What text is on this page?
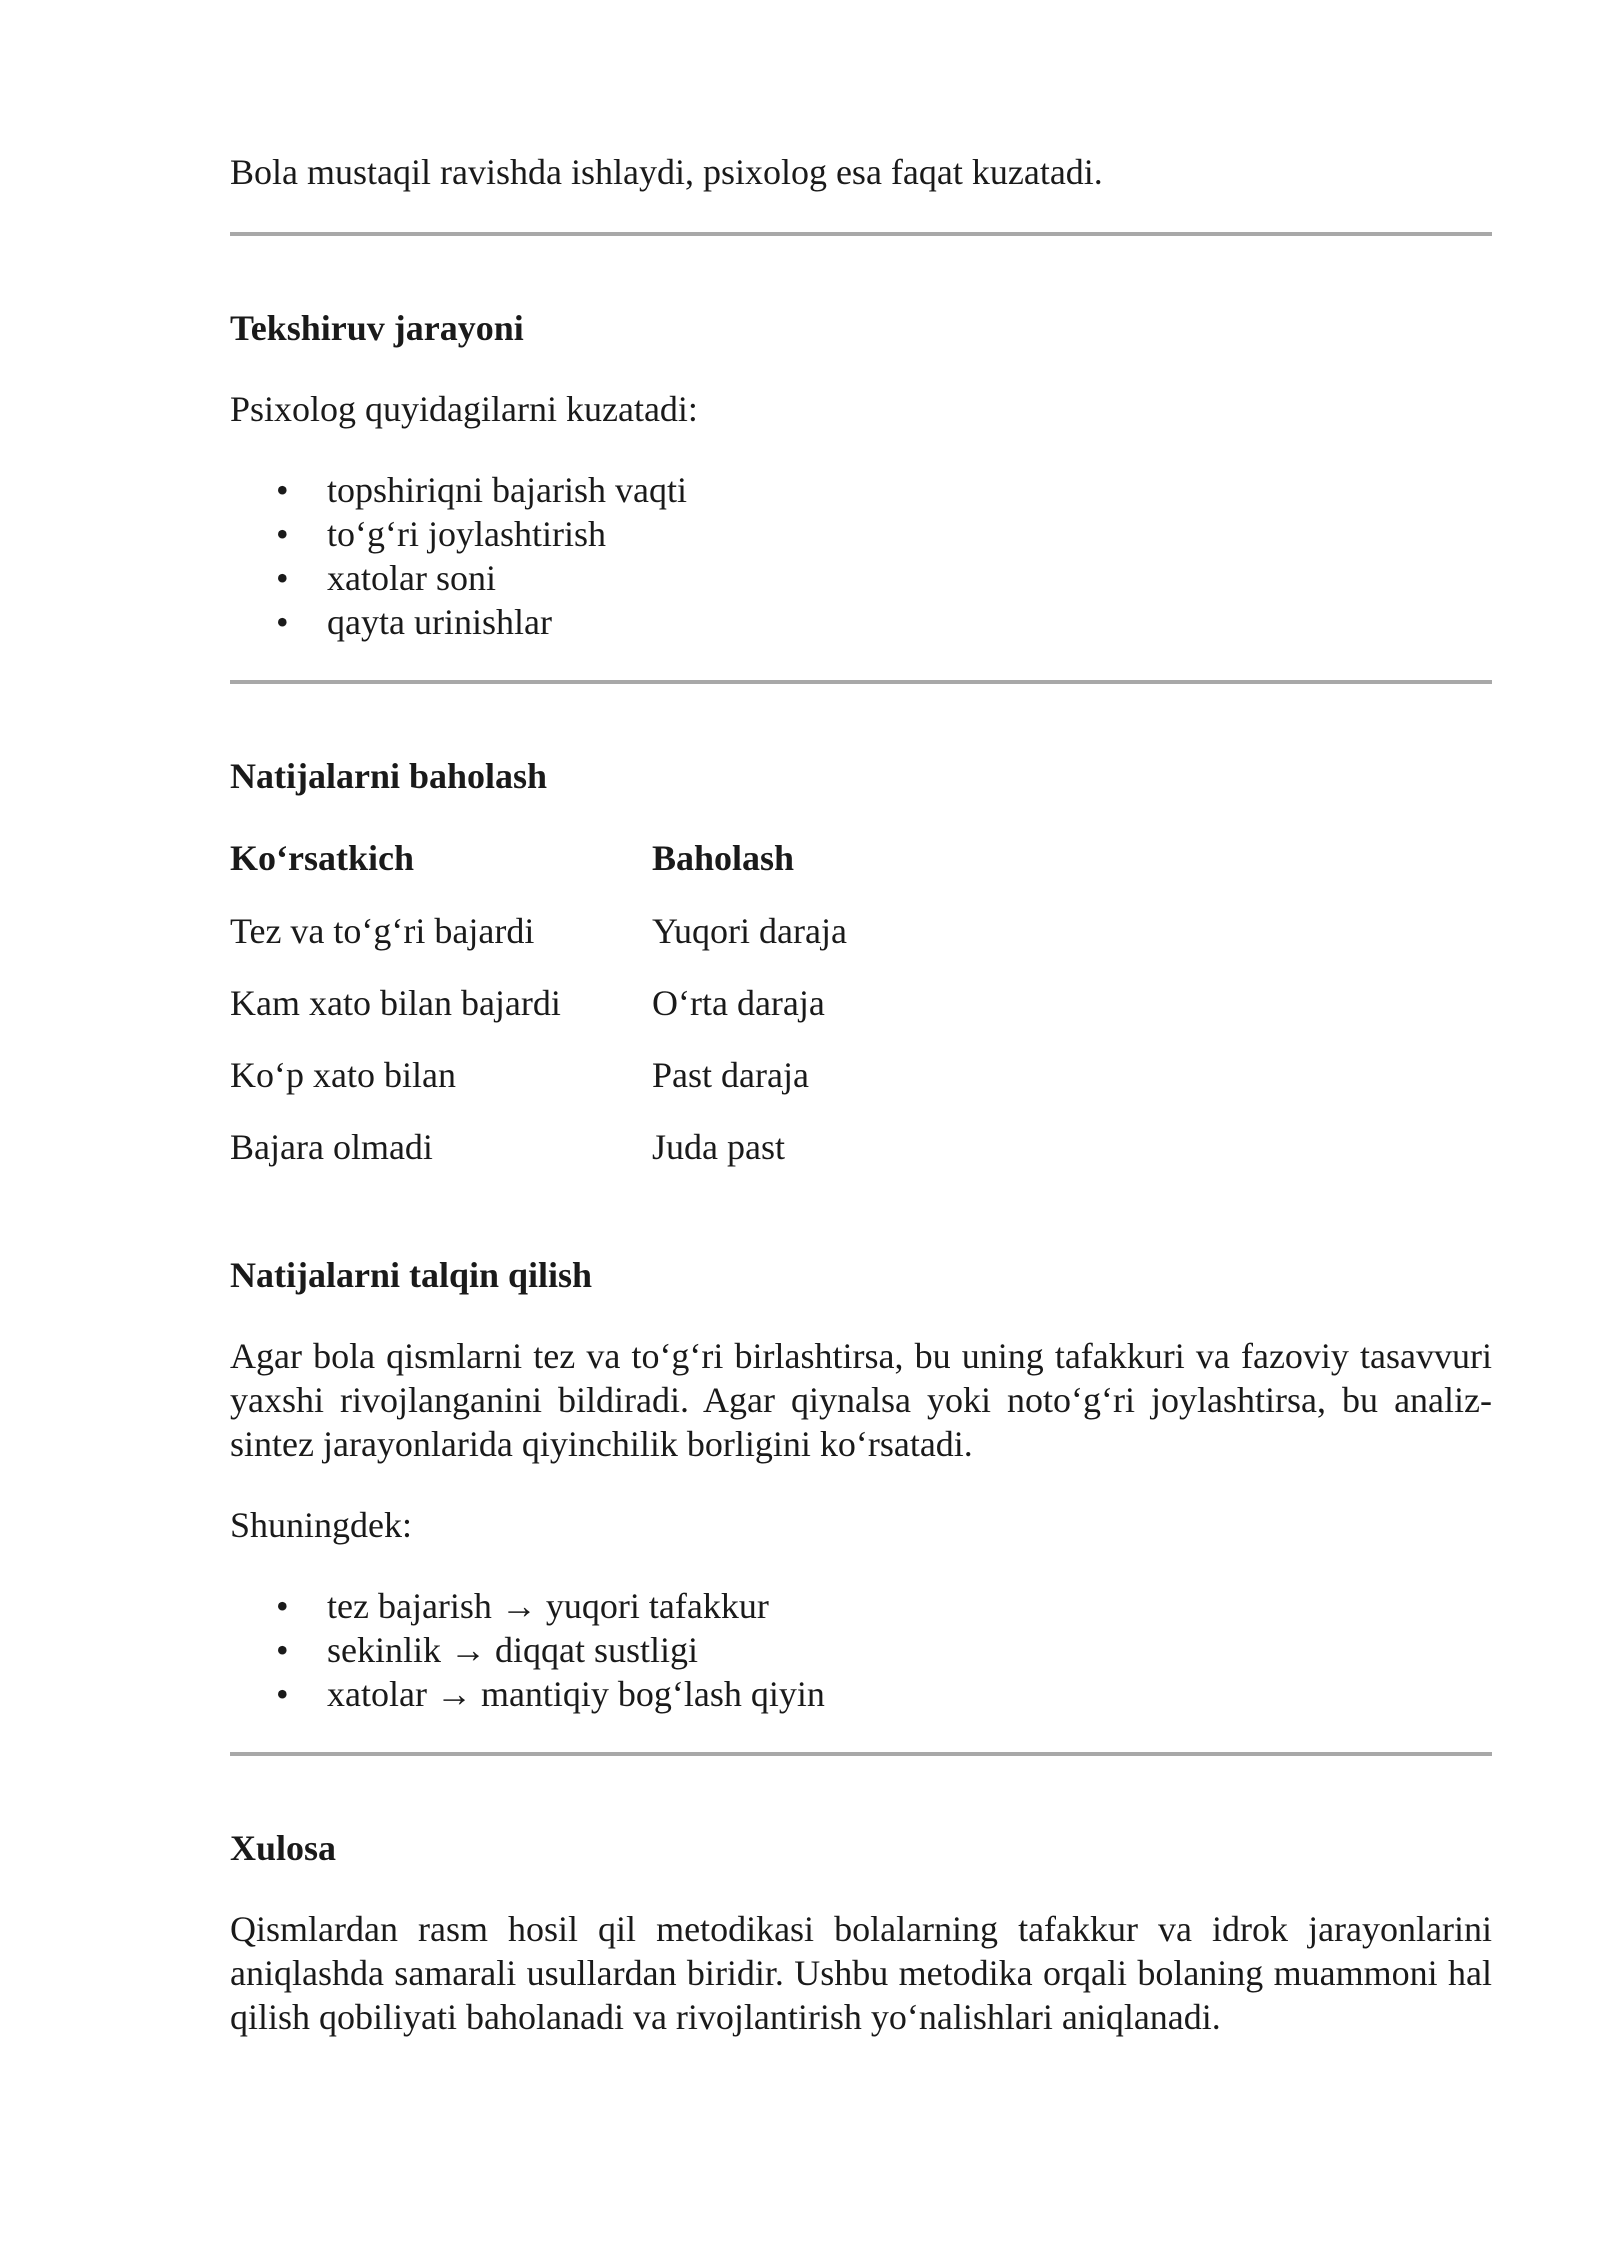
Bola mustaqil ravishda ishlaydi, psixolog esa faqat kuzatadi.

Tekshiruv jarayoni

Psixolog quyidagilarni kuzatadi:

• topshiriqni bajarish vaqti
• to‘g‘ri joylashtirish
• xatolar soni
• qayta urinishlar
Natijalarni baholash
Ko‘rsatkich	Baholash
Tez va to‘g‘ri bajardi	Yuqori daraja
Kam xato bilan bajardi	O‘rta daraja
Ko‘p xato bilan	Past daraja
Bajara olmadi	Juda past
Natijalarni talqin qilish

Agar bola qismlarni tez va to‘g‘ri birlashtirsa, bu uning tafakkuri va fazoviy tasavvuri yaxshi rivojlanganini bildiradi. Agar qiynalsa yoki noto‘g‘ri joylashtirsa, bu analiz-sintez jarayonlarida qiyinchilik borligini ko‘rsatadi.

Shuningdek:

• tez bajarish → yuqori tafakkur
• sekinlik → diqqat sustligi
• xatolar → mantiqiy bog‘lash qiyin
Xulosa

Qismlardan rasm hosil qil metodikasi bolalarning tafakkur va idrok jarayonlarini aniqlashda samarali usullardan biridir. Ushbu metodika orqali bolaning muammoni hal qilish qobiliyati baholanadi va rivojlantirish yo‘nalishlari aniqlanadi.
